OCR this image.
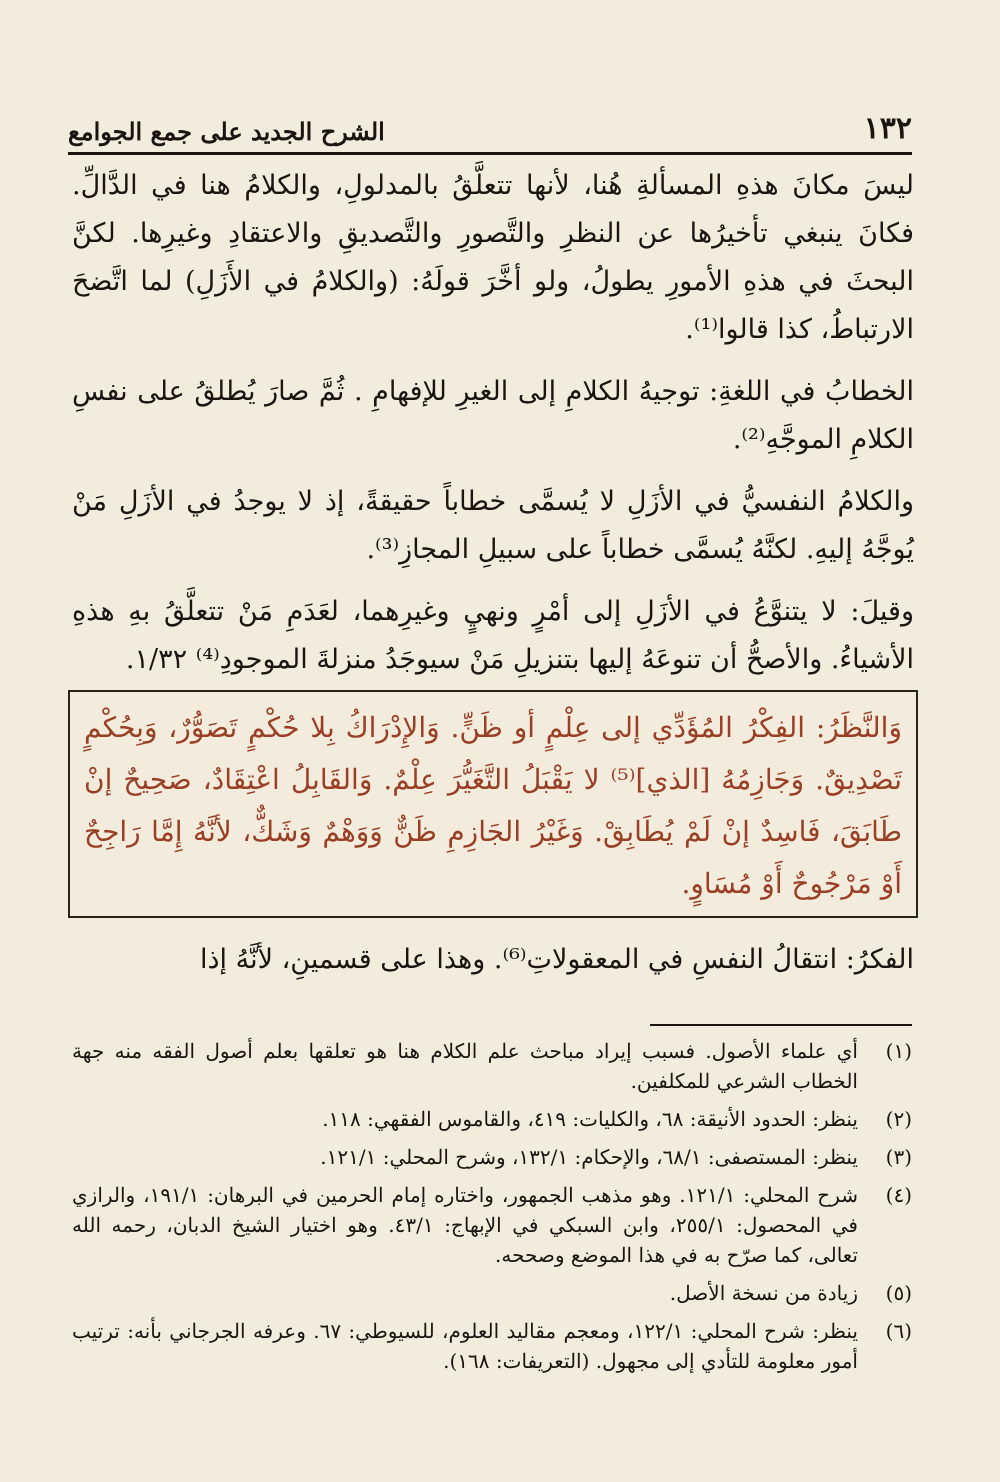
١٣٢
الشرح الجديد على جمع الجوامع

ليسَ مكانَ هذهِ المسألةِ هُنا، لأنها تتعلَّقُ بالمدلولِ، والكلامُ هنا في الدَّالِّ. فكانَ ينبغي تأخيرُها عن النظرِ والتَّصورِ والتَّصديقِ والاعتقادِ وغيرِها. لكنَّ البحثَ في هذهِ الأمورِ يطولُ، ولو أخَّرَ قولَهُ: (والكلامُ في الأَزَلِ) لما اتَّضحَ الارتباطُ، كذا قالوا⁽¹⁾.

الخطابُ في اللغةِ: توجيهُ الكلامِ إلى الغيرِ للإفهامِ . ثُمَّ صارَ يُطلقُ على نفسِ الكلامِ الموجَّهِ⁽²⁾.

والكلامُ النفسيُّ في الأزَلِ لا يُسمَّى خطاباً حقيقةً، إذ لا يوجدُ في الأزَلِ مَنْ يُوجَّهُ إليهِ. لكنَّهُ يُسمَّى خطاباً على سبيلِ المجازِ⁽³⁾.

وقيلَ: لا يتنوَّعُ في الأزَلِ إلى أمْرٍ ونهيٍ وغيرِهما، لعَدَمِ مَنْ تتعلَّقُ بهِ هذهِ الأشياءُ. والأصحُّ أن تنوعَهُ إليها بتنزيلِ مَنْ سيوجَدُ منزلةَ الموجودِ⁽⁴⁾ ١/٣٢.

وَالنَّظَرُ: الفِكْرُ المُؤَدِّي إلى عِلْمٍ أو ظَنٍّ. وَالإِدْرَاكُ بِلا حُكْمٍ تَصَوُّرٌ، وَبِحُكْمٍ تَصْدِيقٌ. وَجَازِمُهُ [الذي]⁽⁵⁾ لا يَقْبَلُ التَّغَيُّرَ عِلْمٌ. وَالقَابِلُ اعْتِقَادٌ، صَحِيحٌ إنْ طَابَقَ، فَاسِدٌ إنْ لَمْ يُطَابِقْ. وَغَيْرُ الجَازِمِ ظَنٌّ وَوَهْمٌ وَشَكٌّ، لأنَّهُ إِمَّا رَاجِحٌ أَوْ مَرْجُوحٌ أَوْ مُسَاوٍ.
الفكرُ: انتقالُ النفسِ في المعقولاتِ⁽⁶⁾. وهذا على قسمينِ، لأنَّهُ إذا
(١)
أي علماء الأصول. فسبب إيراد مباحث علم الكلام هنا هو تعلقها بعلم أصول الفقه منه جهة الخطاب الشرعي للمكلفين.
(٢)
ينظر: الحدود الأنيقة: ٦٨، والكليات: ٤١٩، والقاموس الفقهي: ١١٨.
(٣)
ينظر: المستصفى: ٦٨/١، والإحكام: ١٣٢/١، وشرح المحلي: ١٢١/١.
(٤)
شرح المحلي: ١٢١/١. وهو مذهب الجمهور، واختاره إمام الحرمين في البرهان: ١٩١/١، والرازي في المحصول: ٢٥٥/١، وابن السبكي في الإبهاج: ٤٣/١. وهو اختيار الشيخ الدبان، رحمه الله تعالى، كما صرّح به في هذا الموضع وصححه.
(٥)
زيادة من نسخة الأصل.
(٦)
ينظر: شرح المحلي: ١٢٢/١، ومعجم مقاليد العلوم، للسيوطي: ٦٧. وعرفه الجرجاني بأنه: ترتيب أمور معلومة للتأدي إلى مجهول. (التعريفات: ١٦٨).
